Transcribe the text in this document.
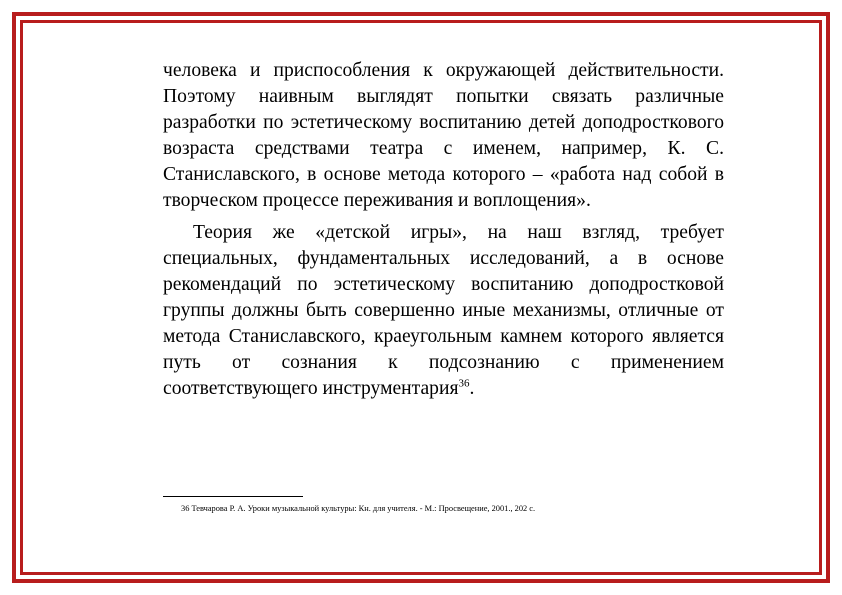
человека и приспособления к окружающей действительности. Поэтому наивным выглядят попытки связать различные разработки по эстетическому воспитанию детей доподросткового возраста средствами театра с именем, например, К. С. Станиславского, в основе метода которого – «работа над собой в творческом процессе переживания и воплощения».

Теория же «детской игры», на наш взгляд, требует специальных, фундаментальных исследований, а в основе рекомендаций по эстетическому воспитанию доподростковой группы должны быть совершенно иные механизмы, отличные от метода Станиславского, краеугольным камнем которого является путь от сознания к подсознанию с применением соответствующего инструментария$^{36}$.

36 Тевчарова Р. А. Уроки музыкальной культуры: Кн. для учителя. - М.: Просвещение, 2001., 202 с.
